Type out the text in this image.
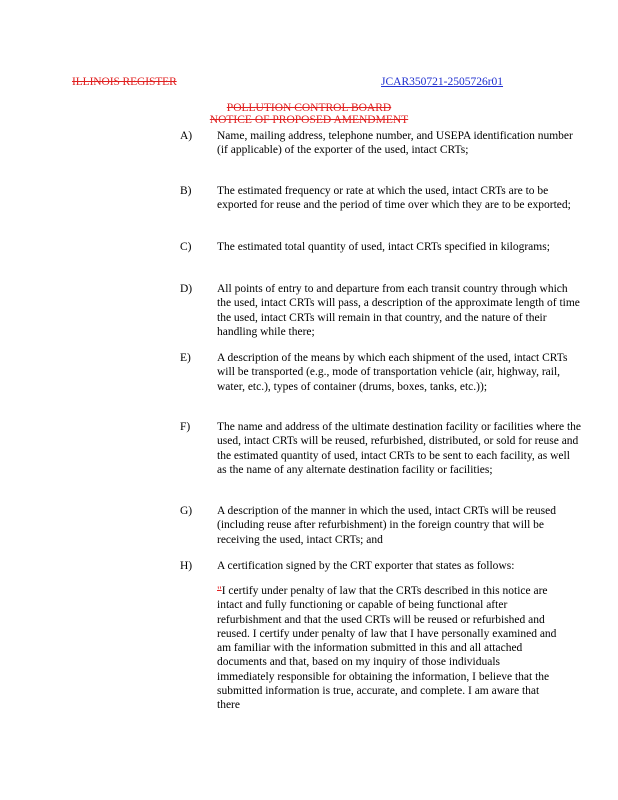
ILLINOIS REGISTER	JCAR350721-2505726r01
POLLUTION CONTROL BOARD
NOTICE OF PROPOSED AMENDMENT
A) Name, mailing address, telephone number, and USEPA identification number (if applicable) of the exporter of the used, intact CRTs;
B) The estimated frequency or rate at which the used, intact CRTs are to be exported for reuse and the period of time over which they are to be exported;
C) The estimated total quantity of used, intact CRTs specified in kilograms;
D) All points of entry to and departure from each transit country through which the used, intact CRTs will pass, a description of the approximate length of time the used, intact CRTs will remain in that country, and the nature of their handling while there;
E) A description of the means by which each shipment of the used, intact CRTs will be transported (e.g., mode of transportation vehicle (air, highway, rail, water, etc.), types of container (drums, boxes, tanks, etc.));
F) The name and address of the ultimate destination facility or facilities where the used, intact CRTs will be reused, refurbished, distributed, or sold for reuse and the estimated quantity of used, intact CRTs to be sent to each facility, as well as the name of any alternate destination facility or facilities;
G) A description of the manner in which the used, intact CRTs will be reused (including reuse after refurbishment) in the foreign country that will be receiving the used, intact CRTs; and
H) A certification signed by the CRT exporter that states as follows:
"I certify under penalty of law that the CRTs described in this notice are intact and fully functioning or capable of being functional after refurbishment and that the used CRTs will be reused or refurbished and reused. I certify under penalty of law that I have personally examined and am familiar with the information submitted in this and all attached documents and that, based on my inquiry of those individuals immediately responsible for obtaining the information, I believe that the submitted information is true, accurate, and complete. I am aware that there
